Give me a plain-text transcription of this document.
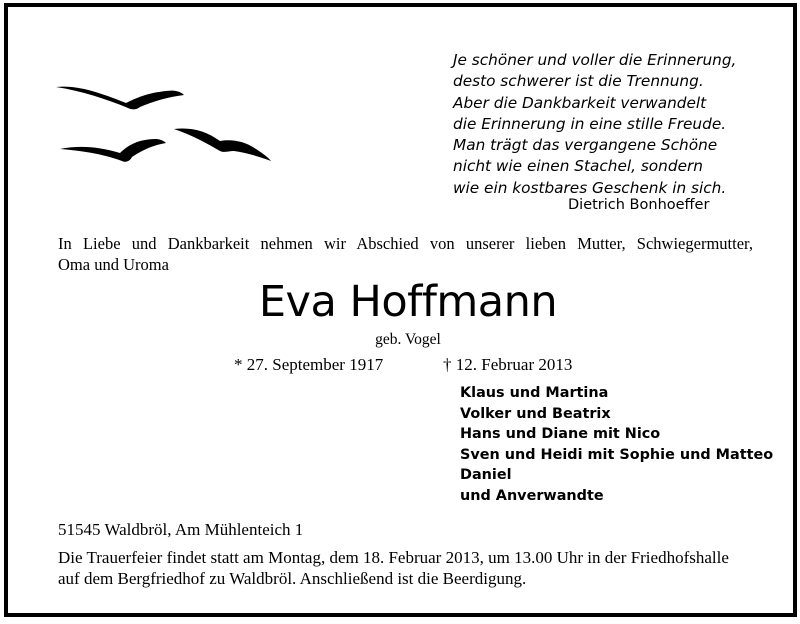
Je schöner und voller die Erinnerung,
desto schwerer ist die Trennung.
Aber die Dankbarkeit verwandelt
die Erinnerung in eine stille Freude.
Man trägt das vergangene Schöne
nicht wie einen Stachel, sondern
wie ein kostbares Geschenk in sich.
Dietrich Bonhoeffer
In Liebe und Dankbarkeit nehmen wir Abschied von unserer lieben Mutter, Schwiegermutter,
Oma und Uroma
Eva Hoffmann
geb. Vogel
* 27. September 1917	† 12. Februar 2013
Klaus und Martina
Volker und Beatrix
Hans und Diane mit Nico
Sven und Heidi mit Sophie und Matteo
Daniel
und Anverwandte
51545 Waldbröl, Am Mühlenteich 1
Die Trauerfeier findet statt am Montag, dem 18. Februar 2013, um 13.00 Uhr in der Friedhofshalle
auf dem Bergfriedhof zu Waldbröl. Anschließend ist die Beerdigung.
